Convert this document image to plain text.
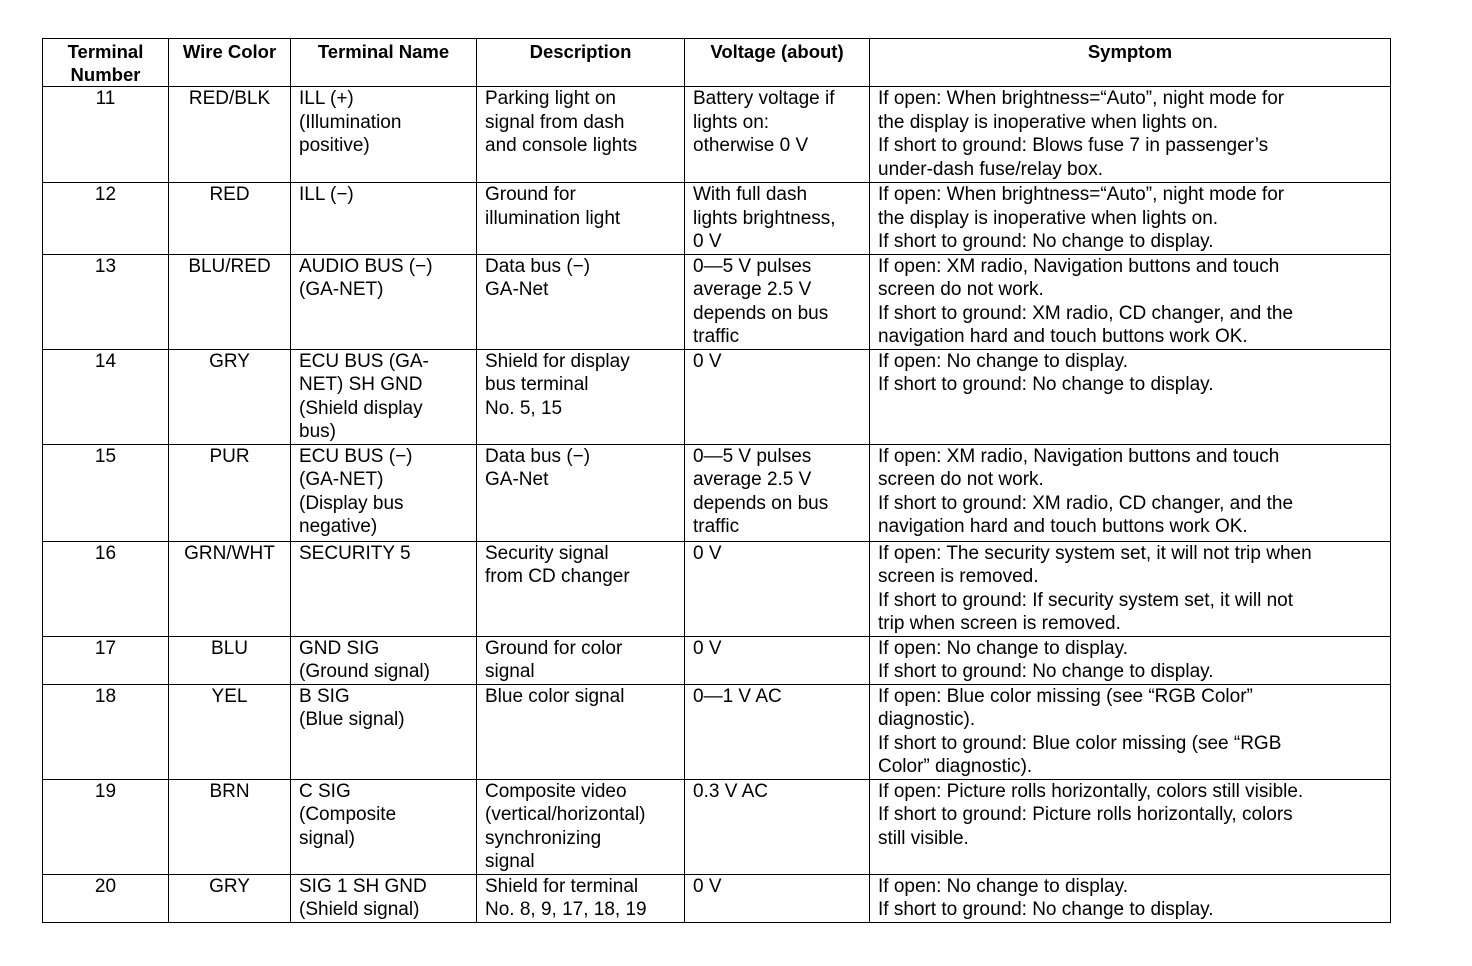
Terminal
Number	Wire Color	Terminal Name	Description	Voltage (about)	Symptom
11	RED/BLK	ILL (+)
(Illumination
positive)	Parking light on
signal from dash
and console lights	Battery voltage if
lights on:
otherwise 0 V	If open: When brightness=“Auto”, night mode for
the display is inoperative when lights on.
If short to ground: Blows fuse 7 in passenger’s
under-dash fuse/relay box.

12	RED	ILL (−)	Ground for
illumination light	With full dash
lights brightness,
0 V	If open: When brightness=“Auto”, night mode for
the display is inoperative when lights on.
If short to ground: No change to display.

13	BLU/RED	AUDIO BUS (−)
(GA-NET)	Data bus (−)
GA-Net	0—5 V pulses
average 2.5 V
depends on bus
traffic	If open: XM radio, Navigation buttons and touch
screen do not work.
If short to ground: XM radio, CD changer, and the
navigation hard and touch buttons work OK.

14	GRY	ECU BUS (GA-
NET) SH GND
(Shield display
bus)	Shield for display
bus terminal
No. 5, 15	0 V	If open: No change to display.
If short to ground: No change to display.

15	PUR	ECU BUS (−)
(GA-NET)
(Display bus
negative)	Data bus (−)
GA-Net	0—5 V pulses
average 2.5 V
depends on bus
traffic	If open: XM radio, Navigation buttons and touch
screen do not work.
If short to ground: XM radio, CD changer, and the
navigation hard and touch buttons work OK.

16	GRN/WHT	SECURITY 5	Security signal
from CD changer	0 V	If open: The security system set, it will not trip when
screen is removed.
If short to ground: If security system set, it will not
trip when screen is removed.

17	BLU	GND SIG
(Ground signal)	Ground for color
signal	0 V	If open: No change to display.
If short to ground: No change to display.

18	YEL	B SIG
(Blue signal)	Blue color signal	0—1 V AC	If open: Blue color missing (see “RGB Color”
diagnostic).
If short to ground: Blue color missing (see “RGB
Color” diagnostic).

19	BRN	C SIG
(Composite
signal)	Composite video
(vertical/horizontal)
synchronizing
signal	0.3 V AC	If open: Picture rolls horizontally, colors still visible.
If short to ground: Picture rolls horizontally, colors
still visible.

20	GRY	SIG 1 SH GND
(Shield signal)	Shield for terminal
No. 8, 9, 17, 18, 19	0 V	If open: No change to display.
If short to ground: No change to display.
